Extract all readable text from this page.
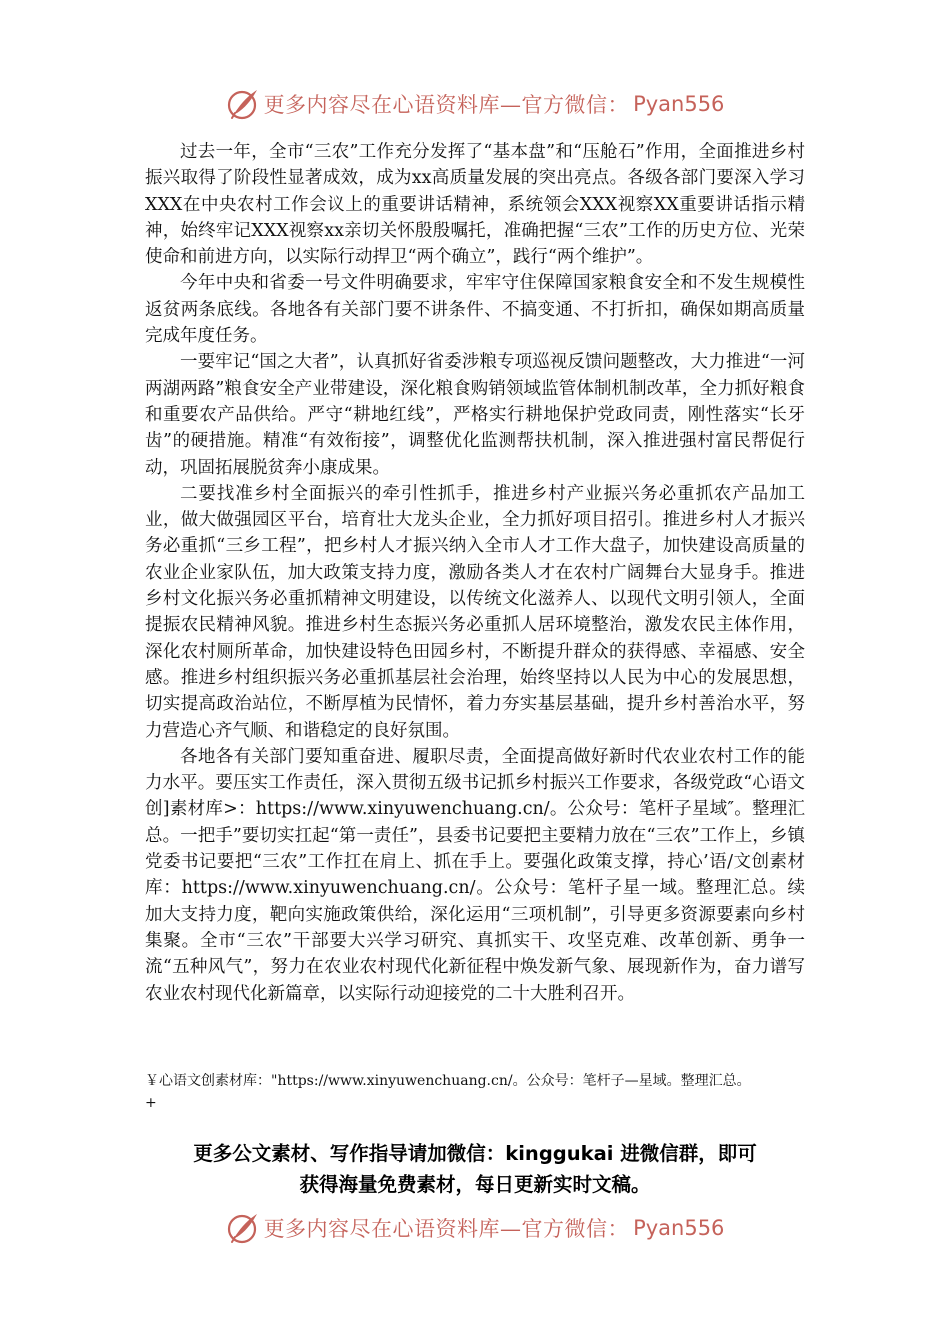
更多内容尽在心语资料库—官方微信： Pyan556

过去一年，全市“三农”工作充分发挥了“基本盘”和“压舱石”作用，全面推进乡村振兴取得了阶段性显著成效，成为xx高质量发展的突出亮点。各级各部门要深入学习XXX在中央农村工作会议上的重要讲话精神，系统领会XXX视察XX重要讲话指示精神，始终牢记XXX视察xx亲切关怀殷殷嘱托，准确把握“三农”工作的历史方位、光荣使命和前进方向，以实际行动捍卫“两个确立”，践行“两个维护”。

今年中央和省委一号文件明确要求，牢牢守住保障国家粮食安全和不发生规模性返贫两条底线。各地各有关部门要不讲条件、不搞变通、不打折扣，确保如期高质量完成年度任务。

一要牢记“国之大者”，认真抓好省委涉粮专项巡视反馈问题整改，大力推进“一河两湖两路”粮食安全产业带建设，深化粮食购销领域监管体制机制改革，全力抓好粮食和重要农产品供给。严守“耕地红线”，严格实行耕地保护党政同责，刚性落实“长牙齿”的硬措施。精准“有效衔接”，调整优化监测帮扶机制，深入推进强村富民帮促行动，巩固拓展脱贫奔小康成果。

二要找准乡村全面振兴的牵引性抓手，推进乡村产业振兴务必重抓农产品加工业，做大做强园区平台，培育壮大龙头企业，全力抓好项目招引。推进乡村人才振兴务必重抓“三乡工程”，把乡村人才振兴纳入全市人才工作大盘子，加快建设高质量的农业企业家队伍，加大政策支持力度，激励各类人才在农村广阔舞台大显身手。推进乡村文化振兴务必重抓精神文明建设，以传统文化滋养人、以现代文明引领人，全面提振农民精神风貌。推进乡村生态振兴务必重抓人居环境整治，激发农民主体作用，深化农村厕所革命，加快建设特色田园乡村，不断提升群众的获得感、幸福感、安全感。推进乡村组织振兴务必重抓基层社会治理，始终坚持以人民为中心的发展思想，切实提高政治站位，不断厚植为民情怀，着力夯实基层基础，提升乡村善治水平，努力营造心齐气顺、和谐稳定的良好氛围。

各地各有关部门要知重奋进、履职尽责，全面提高做好新时代农业农村工作的能力水平。要压实工作责任，深入贯彻五级书记抓乡村振兴工作要求，各级党政“心语文创]素材库>：https://www.xinyuwenchuang.cn/。公众号：笔杆子星域″。整理汇总。一把手”要切实扛起“第一责任”，县委书记要把主要精力放在“三农”工作上，乡镇党委书记要把“三农”工作扛在肩上、抓在手上。要强化政策支撑，持心’语/文创素材库：https://www.xinyuwenchuang.cn/。公众号：笔杆子星一域。整理汇总。续加大支持力度，靶向实施政策供给，深化运用“三项机制”，引导更多资源要素向乡村集聚。全市“三农”干部要大兴学习研究、真抓实干、攻坚克难、改革创新、勇争一流“五种风气”，努力在农业农村现代化新征程中焕发新气象、展现新作为，奋力谱写农业农村现代化新篇章，以实际行动迎接党的二十大胜利召开。

￥心语文创素材库："https://www.xinyuwenchuang.cn/。公众号：笔杆子—星域。整理汇总。
+
更多公文素材、写作指导请加微信：kinggukai 进微信群，即可
获得海量免费素材，每日更新实时文稿。
更多内容尽在心语资料库—官方微信： Pyan556
